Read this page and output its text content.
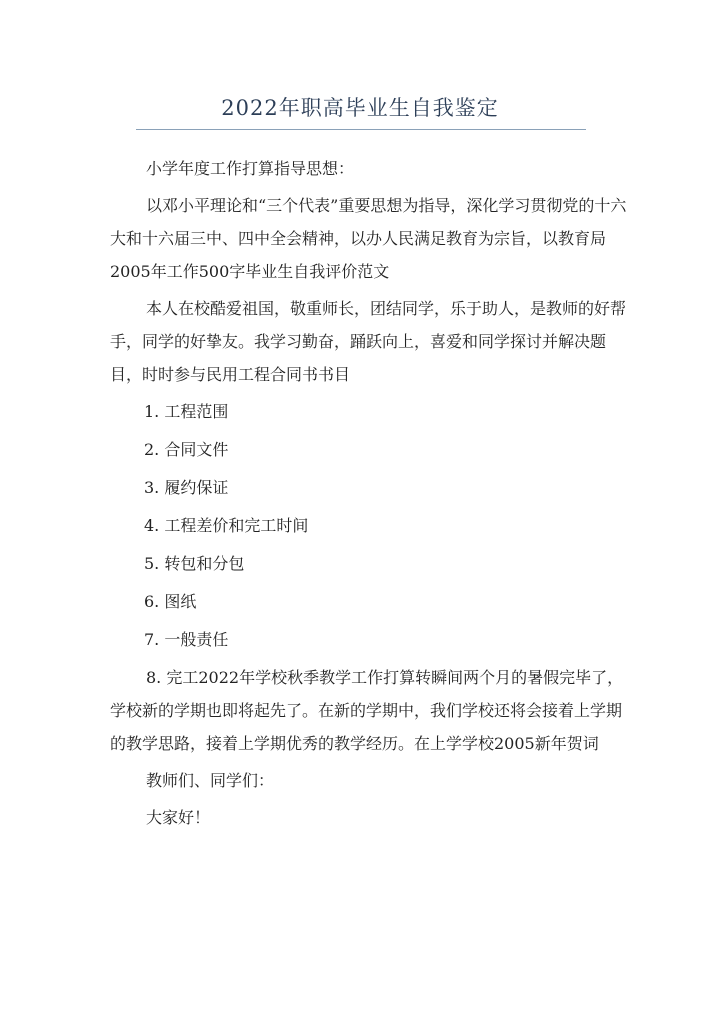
2022年职高毕业生自我鉴定

小学年度工作打算指导思想：

以邓小平理论和“三个代表”重要思想为指导，深化学习贯彻党的十六大和十六届三中、四中全会精神，以办人民满足教育为宗旨，以教育局2005年工作500字毕业生自我评价范文

本人在校酷爱祖国，敬重师长，团结同学，乐于助人，是教师的好帮手，同学的好挚友。我学习勤奋，踊跃向上，喜爱和同学探讨并解决题目，时时参与民用工程合同书书目

1. 工程范围

2. 合同文件

3. 履约保证

4. 工程差价和完工时间

5. 转包和分包

6. 图纸

7. 一般责任

8. 完工2022年学校秋季教学工作打算转瞬间两个月的暑假完毕了，学校新的学期也即将起先了。在新的学期中，我们学校还将会接着上学期的教学思路，接着上学期优秀的教学经历。在上学学校2005新年贺词

教师们、同学们：

大家好！
